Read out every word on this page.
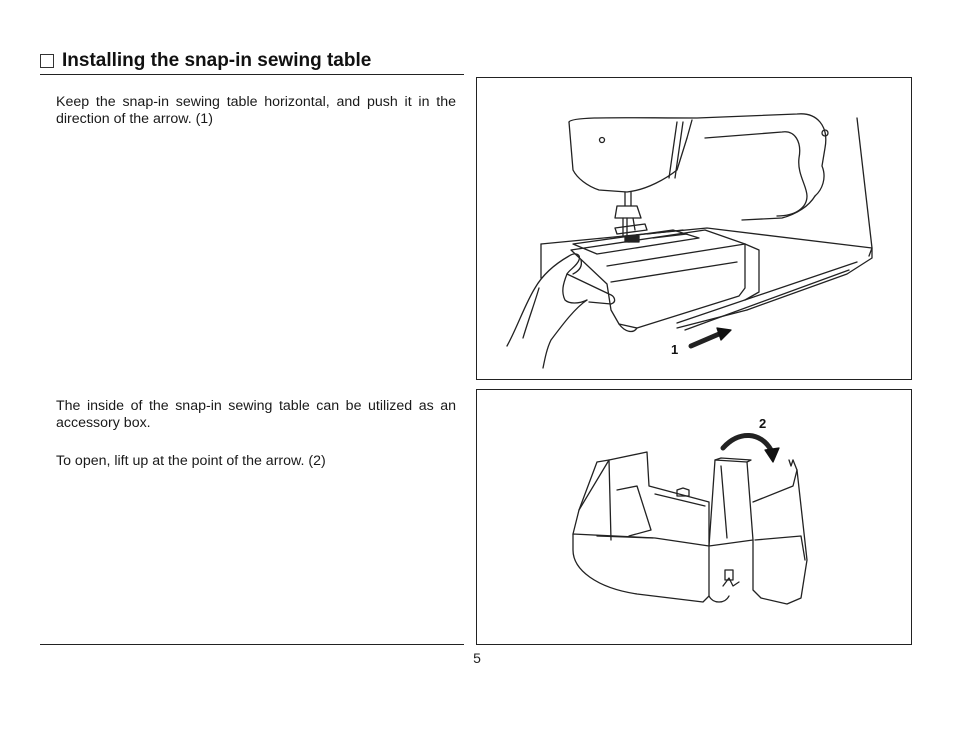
Installing the snap-in sewing table
Keep the snap-in sewing table horizontal, and push it in the
direction of the arrow. (1)
The inside of the snap-in sewing table can be utilized as an
accessory box.
To open, lift up at the point of the arrow. (2)
1
2
5
